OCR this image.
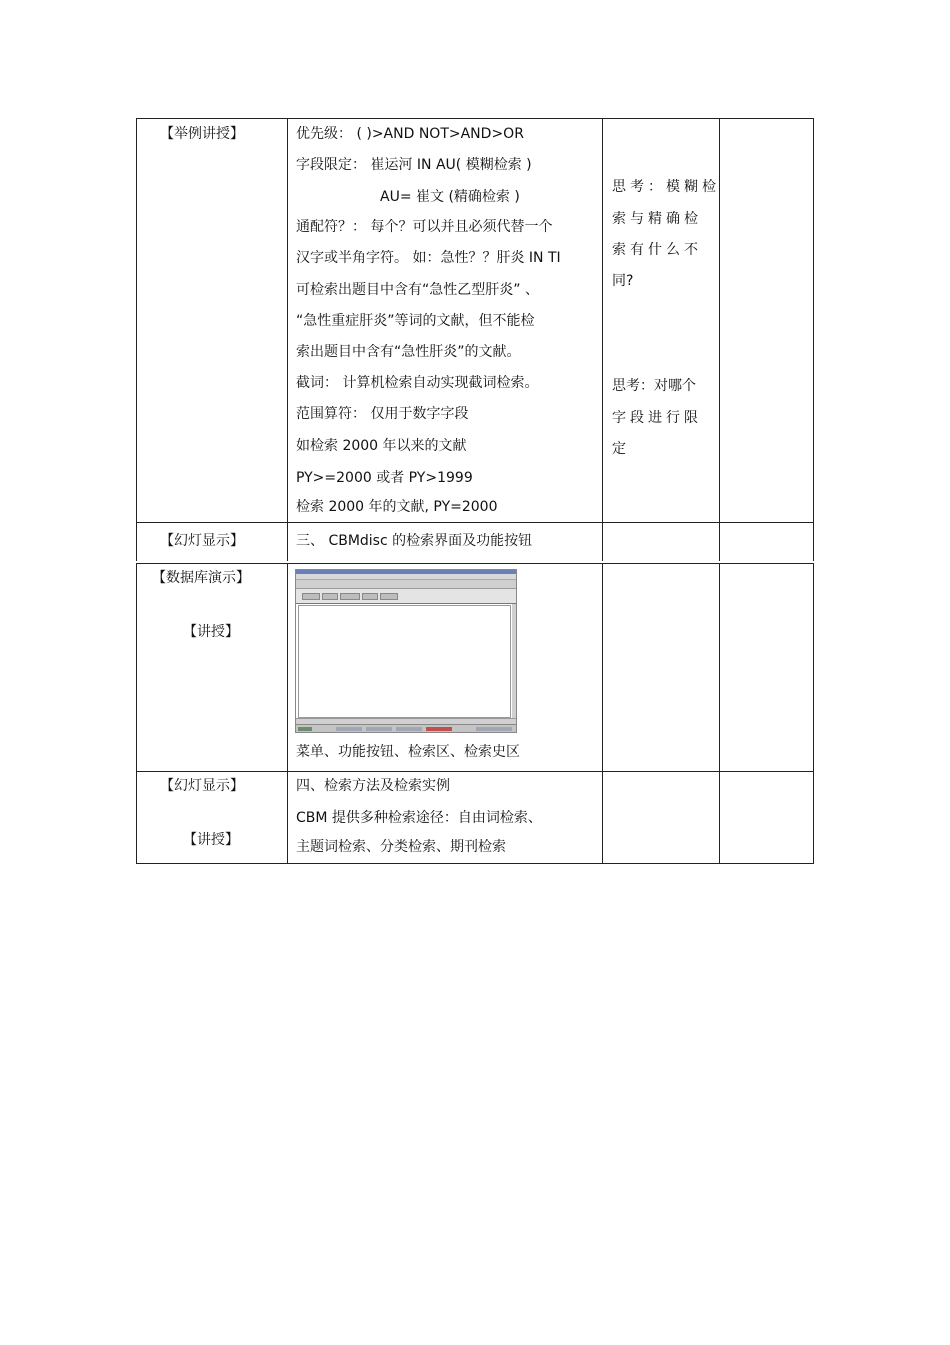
【举例讲授】	优先级： ( )>AND NOT>AND>OR
字段限定： 崔运河 IN AU( 模糊检索 )
AU= 崔文 (精确检索 )
通配符？： 每个？可以并且必须代替一个
汉字或半角字符。 如：急性？？肝炎 IN TI
可检索出题目中含有“急性乙型肝炎” 、
“急性重症肝炎”等词的文献，但不能检
索出题目中含有“急性肝炎”的文献。
截词： 计算机检索自动实现截词检索。
范围算符： 仅用于数字字段
如检索 2000 年以来的文献
PY>=2000 或者 PY>1999
检索 2000 年的文献, PY=2000
思考：模糊检
索与精确检
索有什么不
同?
思考：对哪个
字段进行限
定
【幻灯显示】	三、 CBMdisc 的检索界面及功能按钮
【数据库演示】
【讲授】
菜单、功能按钮、检索区、检索史区
【幻灯显示】
【讲授】
四、检索方法及检索实例
CBM 提供多种检索途径：自由词检索、
主题词检索、分类检索、期刊检索
